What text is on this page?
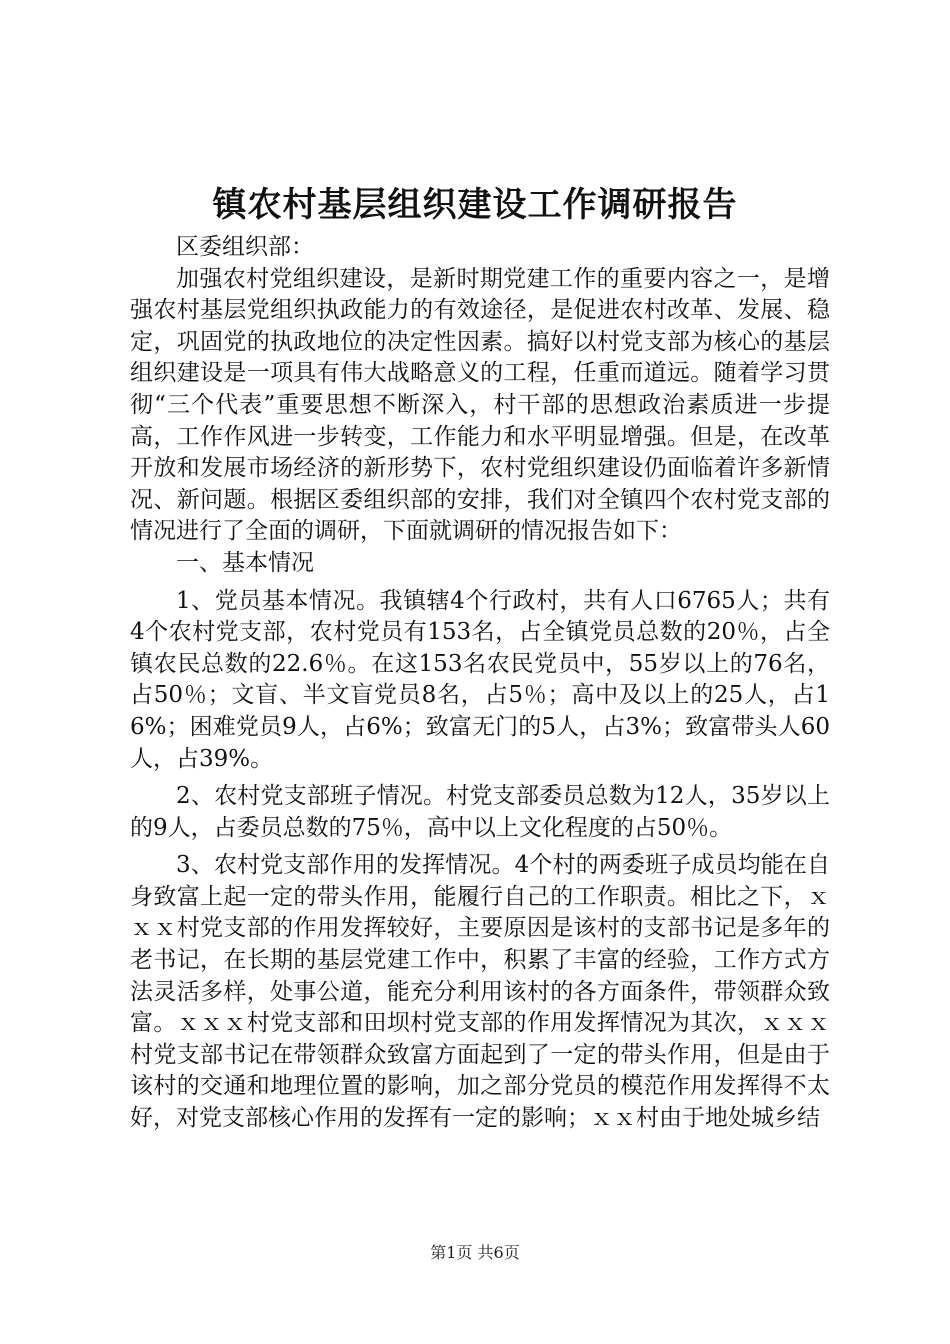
镇农村基层组织建设工作调研报告

区委组织部：

加强农村党组织建设，是新时期党建工作的重要内容之一，是增强农村基层党组织执政能力的有效途径，是促进农村改革、发展、稳定，巩固党的执政地位的决定性因素。搞好以村党支部为核心的基层组织建设是一项具有伟大战略意义的工程，任重而道远。随着学习贯彻“三个代表”重要思想不断深入，村干部的思想政治素质进一步提高，工作作风进一步转变，工作能力和水平明显增强。但是，在改革开放和发展市场经济的新形势下，农村党组织建设仍面临着许多新情况、新问题。根据区委组织部的安排，我们对全镇四个农村党支部的情况进行了全面的调研，下面就调研的情况报告如下：

一、基本情况

1、党员基本情况。我镇辖4个行政村，共有人口6765人；共有4个农村党支部，农村党员有153名，占全镇党员总数的20％，占全镇农民总数的22.6％。在这153名农民党员中，55岁以上的76名，占50％；文盲、半文盲党员8名，占5％；高中及以上的25人，占16%；困难党员9人，占6%；致富无门的5人，占3%；致富带头人60人，占39%。

2、农村党支部班子情况。村党支部委员总数为12人，35岁以上的9人，占委员总数的75％，高中以上文化程度的占50％。

3、农村党支部作用的发挥情况。4个村的两委班子成员均能在自身致富上起一定的带头作用，能履行自己的工作职责。相比之下，ｘｘｘ村党支部的作用发挥较好，主要原因是该村的支部书记是多年的老书记，在长期的基层党建工作中，积累了丰富的经验，工作方式方法灵活多样，处事公道，能充分利用该村的各方面条件，带领群众致富。ｘｘｘ村党支部和田坝村党支部的作用发挥情况为其次，ｘｘｘ村党支部书记在带领群众致富方面起到了一定的带头作用，但是由于该村的交通和地理位置的影响，加之部分党员的模范作用发挥得不太好，对党支部核心作用的发挥有一定的影响；ｘｘ村由于地处城乡结

第1页 共6页
